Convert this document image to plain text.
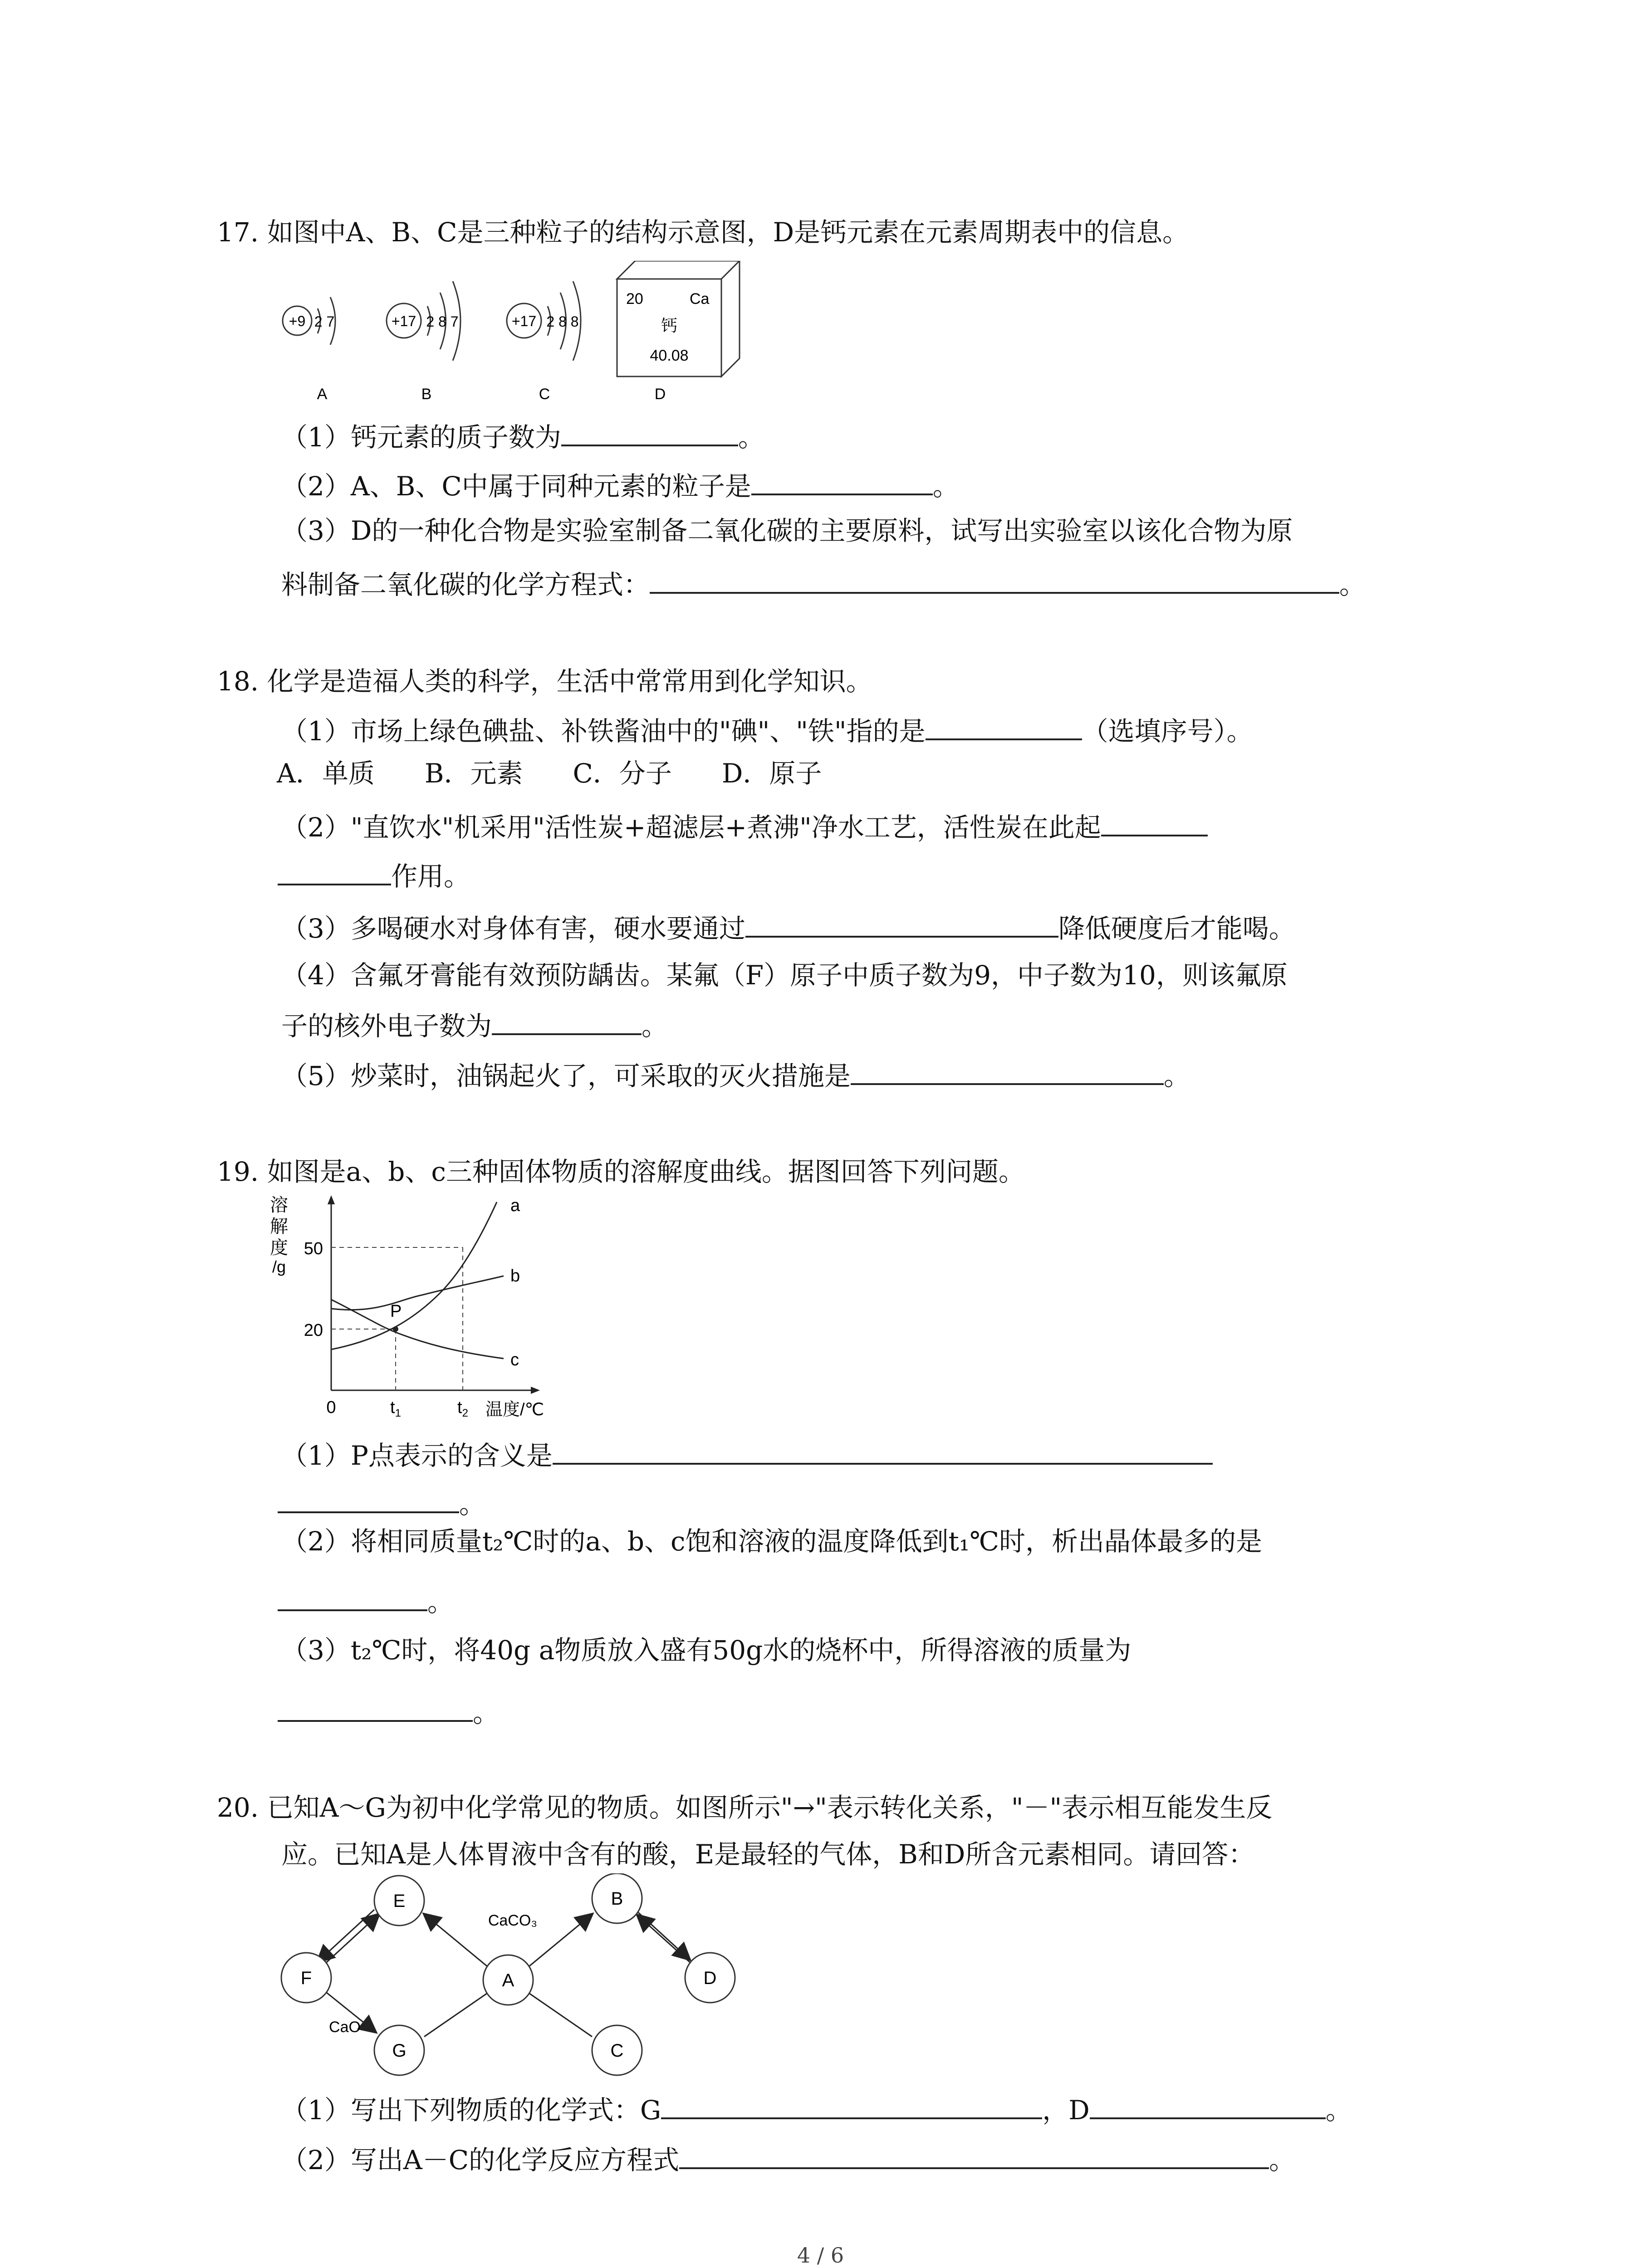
17. 如图中A、B、C是三种粒子的结构示意图，D是钙元素在元素周期表中的信息。
+9 2 7
A
+17 2 8 7
B
+17 2 8 8
C
20	Ca
钙
40.08
D
（1）钙元素的质子数为	。
（2）A、B、C中属于同种元素的粒子是	。
（3）D的一种化合物是实验室制备二氧化碳的主要原料，试写出实验室以该化合物为原
料制备二氧化碳的化学方程式：	。
18. 化学是造福人类的科学，生活中常常用到化学知识。
（1）市场上绿色碘盐、补铁酱油中的"碘"、"铁"指的是	（选填序号）。
A．单质 B．元素 C．分子 D．原子
（2）"直饮水"机采用"活性炭+超滤层+煮沸"净水工艺，活性炭在此起
作用。
（3）多喝硬水对身体有害，硬水要通过	降低硬度后才能喝。
（4）含氟牙膏能有效预防龋齿。某氟（F）原子中质子数为9，中子数为10，则该氟原
子的核外电子数为	。
（5）炒菜时，油锅起火了，可采取的灭火措施是	。
19. 如图是a、b、c三种固体物质的溶解度曲线。据图回答下列问题。
溶
解
度
/g
P
a
b
c
50
20
0	$t_1$	$t_2$ 温度/℃
（1）P点表示的含义是
。
（2）将相同质量t₂℃时的a、b、c饱和溶液的温度降低到t₁℃时，析出晶体最多的是
。
（3）t₂℃时，将40g a物质放入盛有50g水的烧杯中，所得溶液的质量为
。
20. 已知A～G为初中化学常见的物质。如图所示"→"表示转化关系，"－"表示相互能发生反
应。已知A是人体胃液中含有的酸，E是最轻的气体，B和D所含元素相同。请回答：
E
F
G
A
B
C
D
CaCO₃
CaO
（1）写出下列物质的化学式：G	，D	。
（2）写出A－C的化学反应方程式	。
4 / 6
